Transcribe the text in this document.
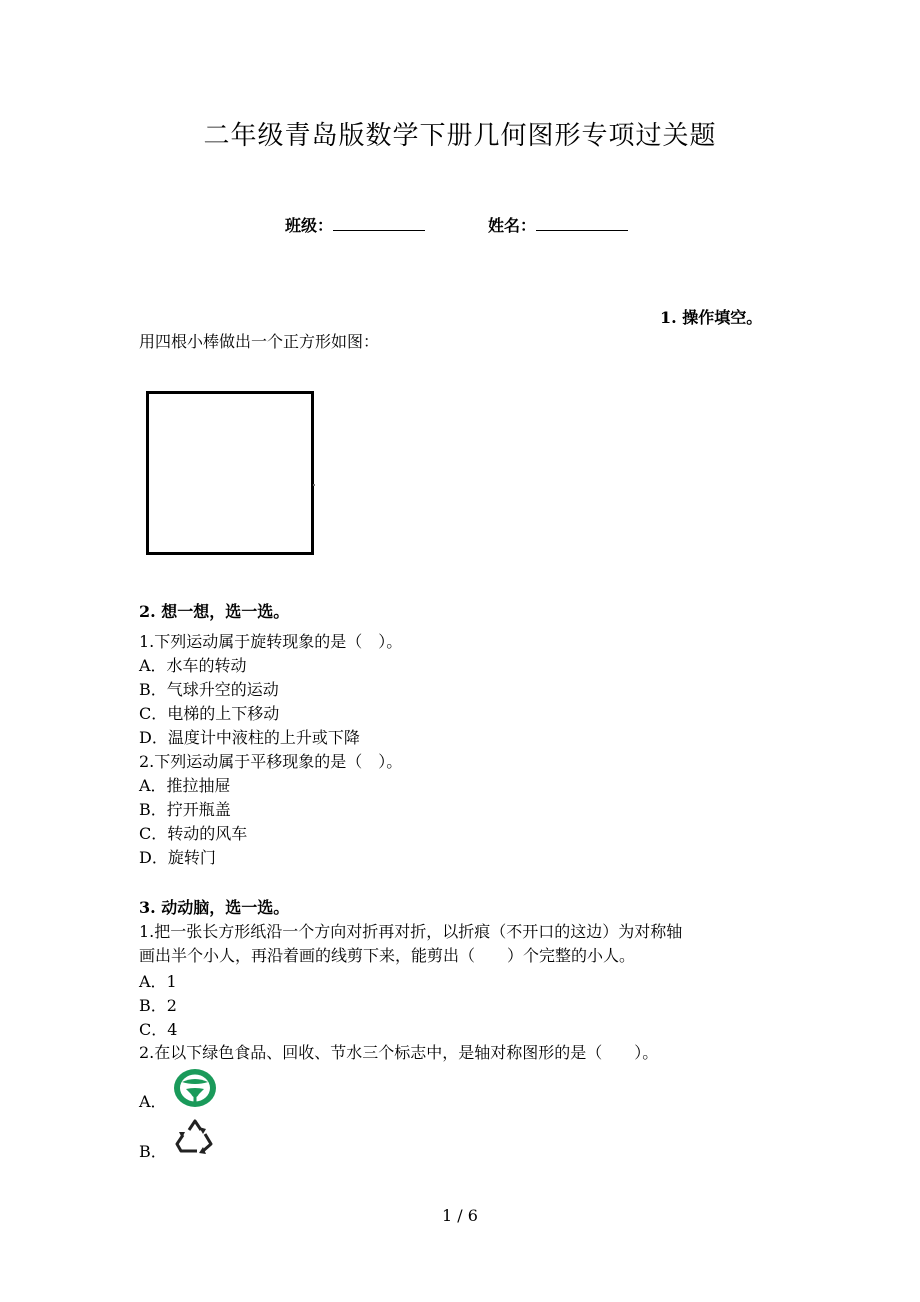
二年级青岛版数学下册几何图形专项过关题
班级：	姓名：
1. 操作填空。
用四根小棒做出一个正方形如图：
2. 想一想，选一选。
1.下列运动属于旋转现象的是（　）。
A．水车的转动
B．气球升空的运动
C．电梯的上下移动
D．温度计中液柱的上升或下降
2.下列运动属于平移现象的是（　）。
A．推拉抽屉
B．拧开瓶盖
C．转动的风车
D．旋转门
3. 动动脑，选一选。
1.把一张长方形纸沿一个方向对折再对折，以折痕（不开口的这边）为对称轴
画出半个小人，再沿着画的线剪下来，能剪出（　　）个完整的小人。
A．1
B．2
C．4
2.在以下绿色食品、回收、节水三个标志中，是轴对称图形的是（　　）。
A．
B．
1 / 6
